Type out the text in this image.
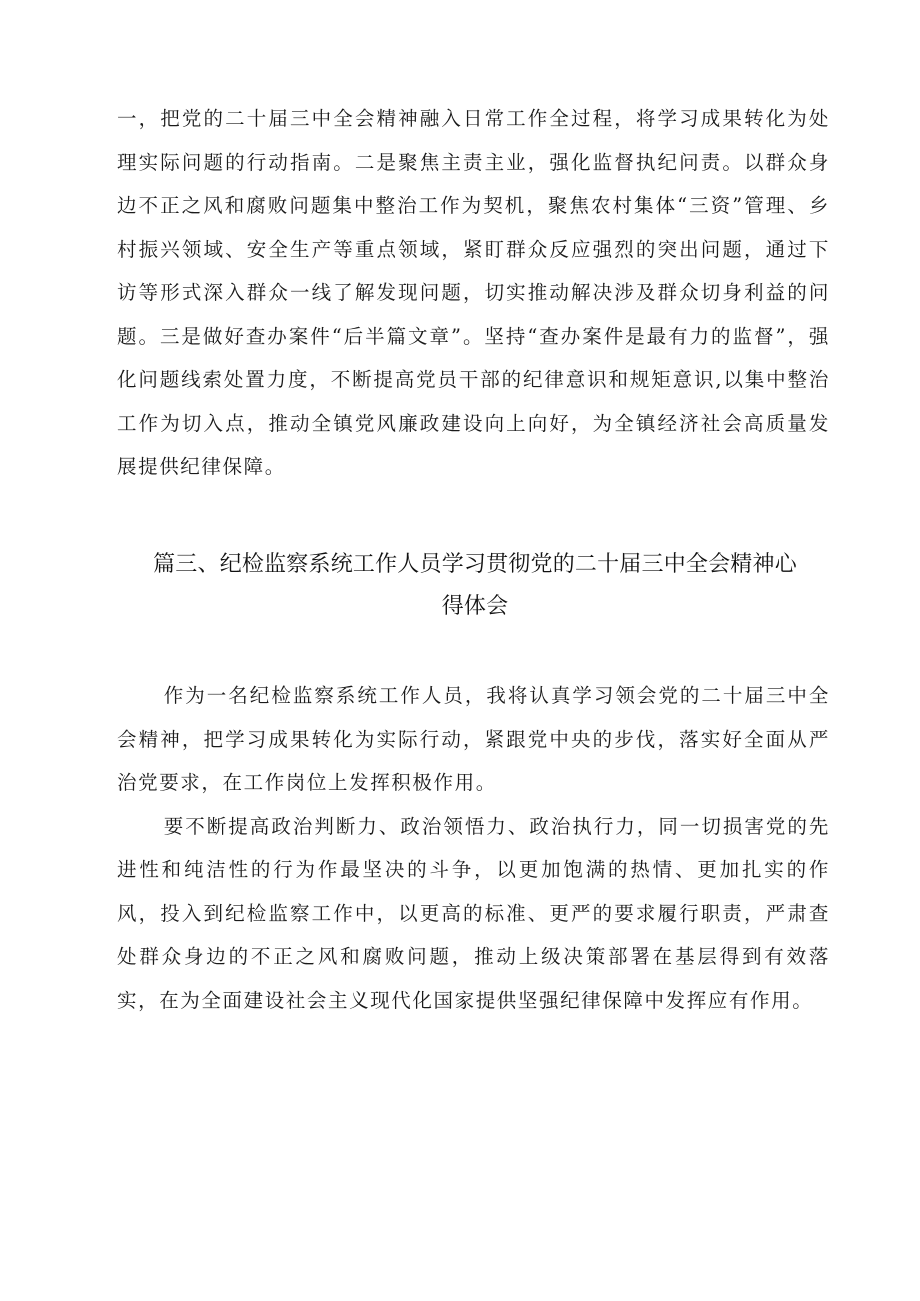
一，把党的二十届三中全会精神融入日常工作全过程，将学习成果转化为处理实际问题的行动指南。二是聚焦主责主业，强化监督执纪问责。以群众身边不正之风和腐败问题集中整治工作为契机，聚焦农村集体“三资”管理、乡村振兴领域、安全生产等重点领域，紧盯群众反应强烈的突出问题，通过下访等形式深入群众一线了解发现问题，切实推动解决涉及群众切身利益的问题。三是做好查办案件“后半篇文章”。坚持“查办案件是最有力的监督”，强化问题线索处置力度，不断提高党员干部的纪律意识和规矩意识,以集中整治工作为切入点，推动全镇党风廉政建设向上向好，为全镇经济社会高质量发展提供纪律保障。

篇三、纪检监察系统工作人员学习贯彻党的二十届三中全会精神心得体会

作为一名纪检监察系统工作人员，我将认真学习领会党的二十届三中全会精神，把学习成果转化为实际行动，紧跟党中央的步伐，落实好全面从严治党要求，在工作岗位上发挥积极作用。

要不断提高政治判断力、政治领悟力、政治执行力，同一切损害党的先进性和纯洁性的行为作最坚决的斗争，以更加饱满的热情、更加扎实的作风，投入到纪检监察工作中，以更高的标准、更严的要求履行职责，严肃查处群众身边的不正之风和腐败问题，推动上级决策部署在基层得到有效落实，在为全面建设社会主义现代化国家提供坚强纪律保障中发挥应有作用。
